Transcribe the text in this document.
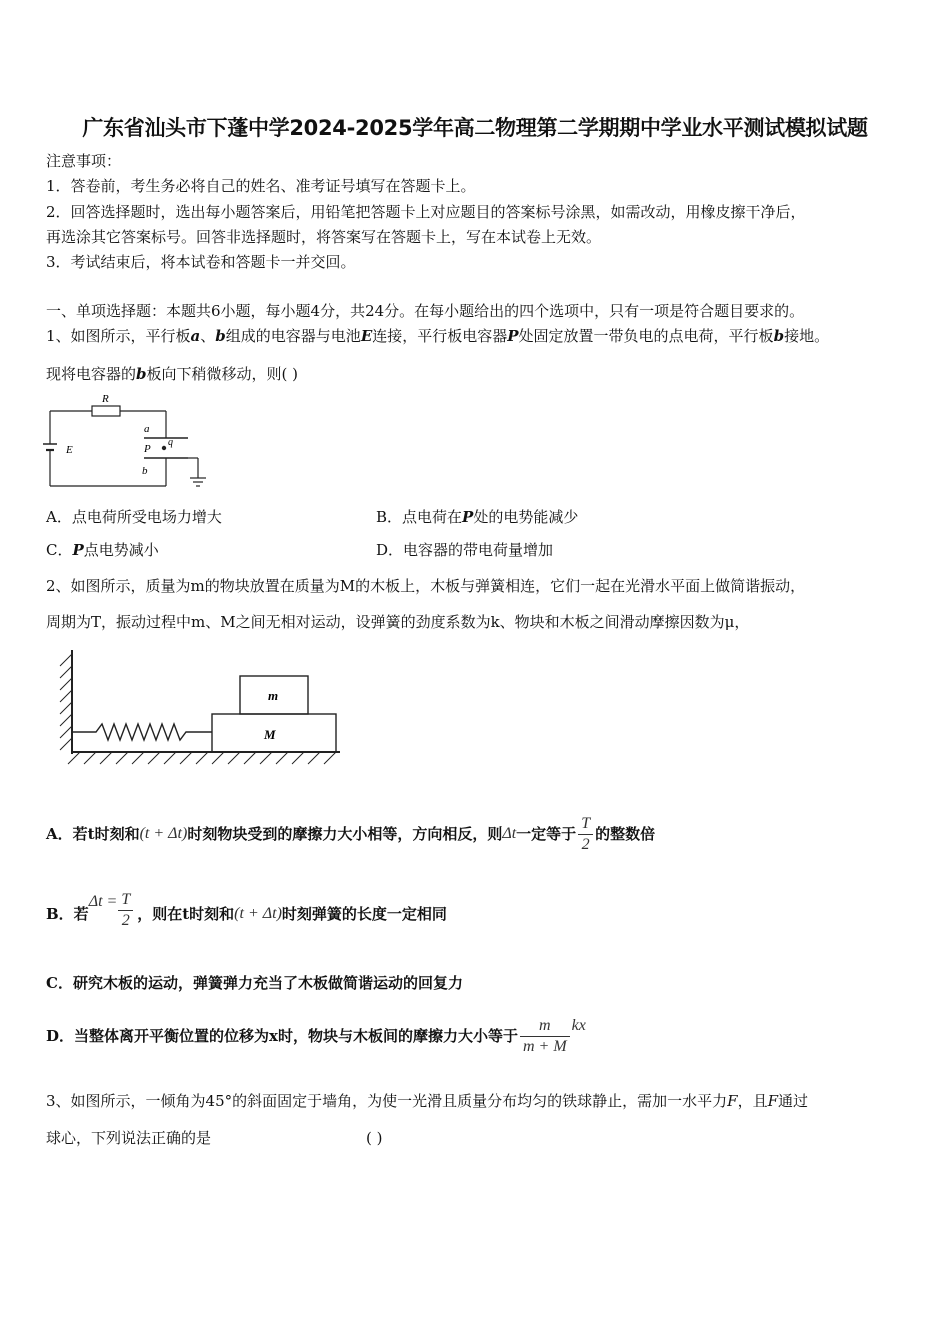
广东省汕头市下蓬中学2024-2025学年高二物理第二学期期中学业水平测试模拟试题
注意事项：
1．答卷前，考生务必将自己的姓名、准考证号填写在答题卡上。
2．回答选择题时，选出每小题答案后，用铅笔把答题卡上对应题目的答案标号涂黑，如需改动，用橡皮擦干净后，
再选涂其它答案标号。回答非选择题时，将答案写在答题卡上，写在本试卷上无效。
3．考试结束后，将本试卷和答题卡一并交回。
一、单项选择题：本题共6小题，每小题4分，共24分。在每小题给出的四个选项中，只有一项是符合题目要求的。
1、如图所示，平行板a、b组成的电容器与电池E连接，平行板电容器P处固定放置一带负电的点电荷，平行板b接地。
现将电容器的b板向下稍微移动，则( )
R
a
P
q
E
b
A．点电荷所受电场力增大	B．点电荷在P处的电势能减少
C．P点电势减小	D．电容器的带电荷量增加
2、如图所示，质量为m的物块放置在质量为M的木板上，木板与弹簧相连，它们一起在光滑水平面上做简谐振动，
周期为T，振动过程中m、M之间无相对运动，设弹簧的劲度系数为k、物块和木板之间滑动摩擦因数为μ，
m
M
A．若t时刻和 (t + Δt) 时刻物块受到的摩擦力大小相等，方向相反，则 Δt 一定等于 $\frac{T}{2}$ 的整数倍
B．若
$\Delta t = \frac{T}{2}$ ，则在t时刻和 (t + Δt) 时刻弹簧的长度一定相同
C．研究木板的运动，弹簧弹力充当了木板做简谐运动的回复力
D．当整体离开平衡位置的位移为x时，物块与木板间的摩擦力大小等于 $\frac{m}{m + M}$ kx
3、如图所示，一倾角为45°的斜面固定于墙角，为使一光滑且质量分布均匀的铁球静止，需加一水平力F，且F通过
球心，下列说法正确的是	( )
